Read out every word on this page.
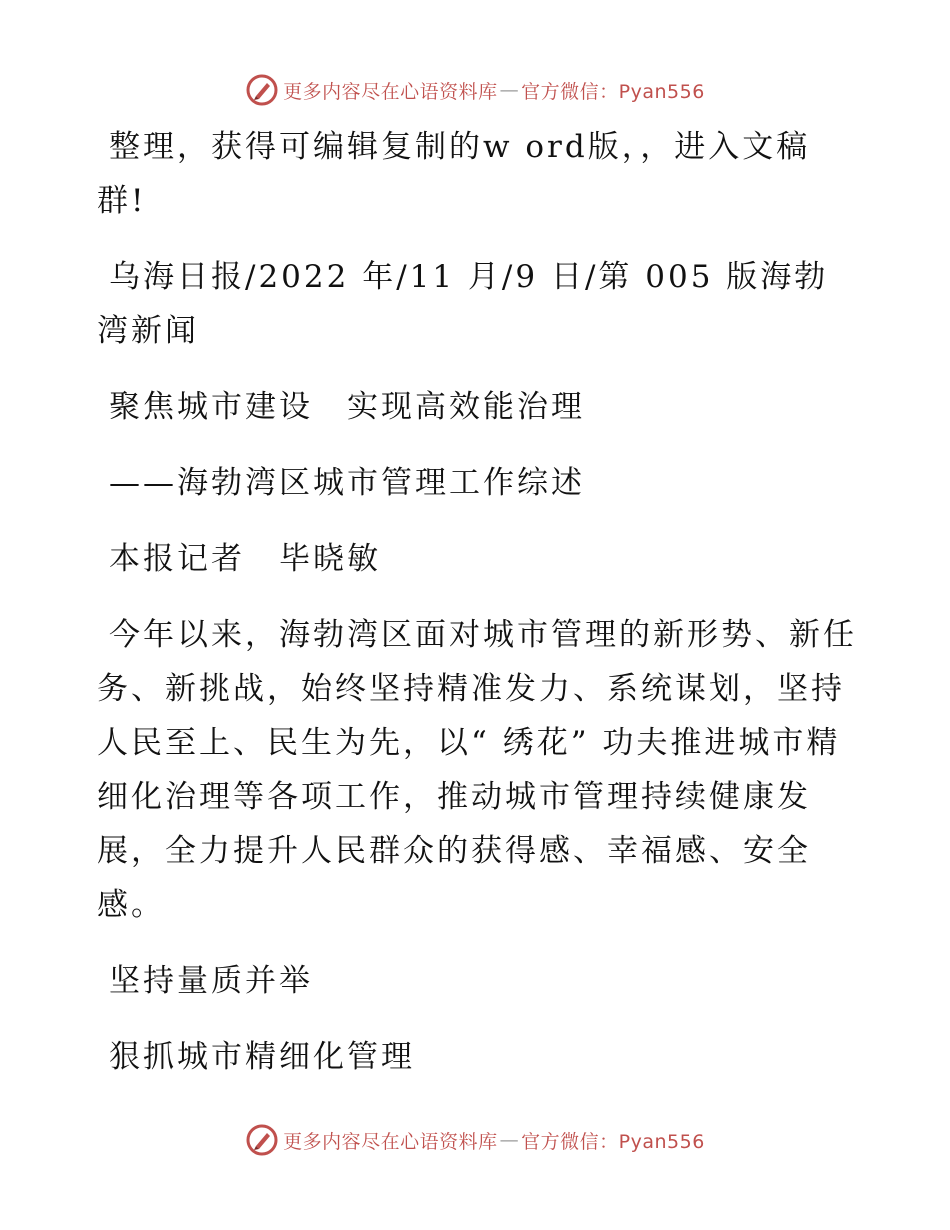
更多内容尽在心语资料库 — 官方微信：Pyan556

整理，获得可编辑复制的w ord版，，进入文稿群!

乌海日报/2022 年/11 月/9 日/第 005 版海勃湾新闻

聚焦城市建设　实现高效能治理

——海勃湾区城市管理工作综述

本报记者　毕晓敏

今年以来，海勃湾区面对城市管理的新形势、新任务、新挑战，始终坚持精准发力、系统谋划，坚持人民至上、民生为先，以“ 绣花” 功夫推进城市精细化治理等各项工作，推动城市管理持续健康发展，全力提升人民群众的获得感、幸福感、安全感。

坚持量质并举

狠抓城市精细化管理

更多内容尽在心语资料库 — 官方微信：Pyan556
